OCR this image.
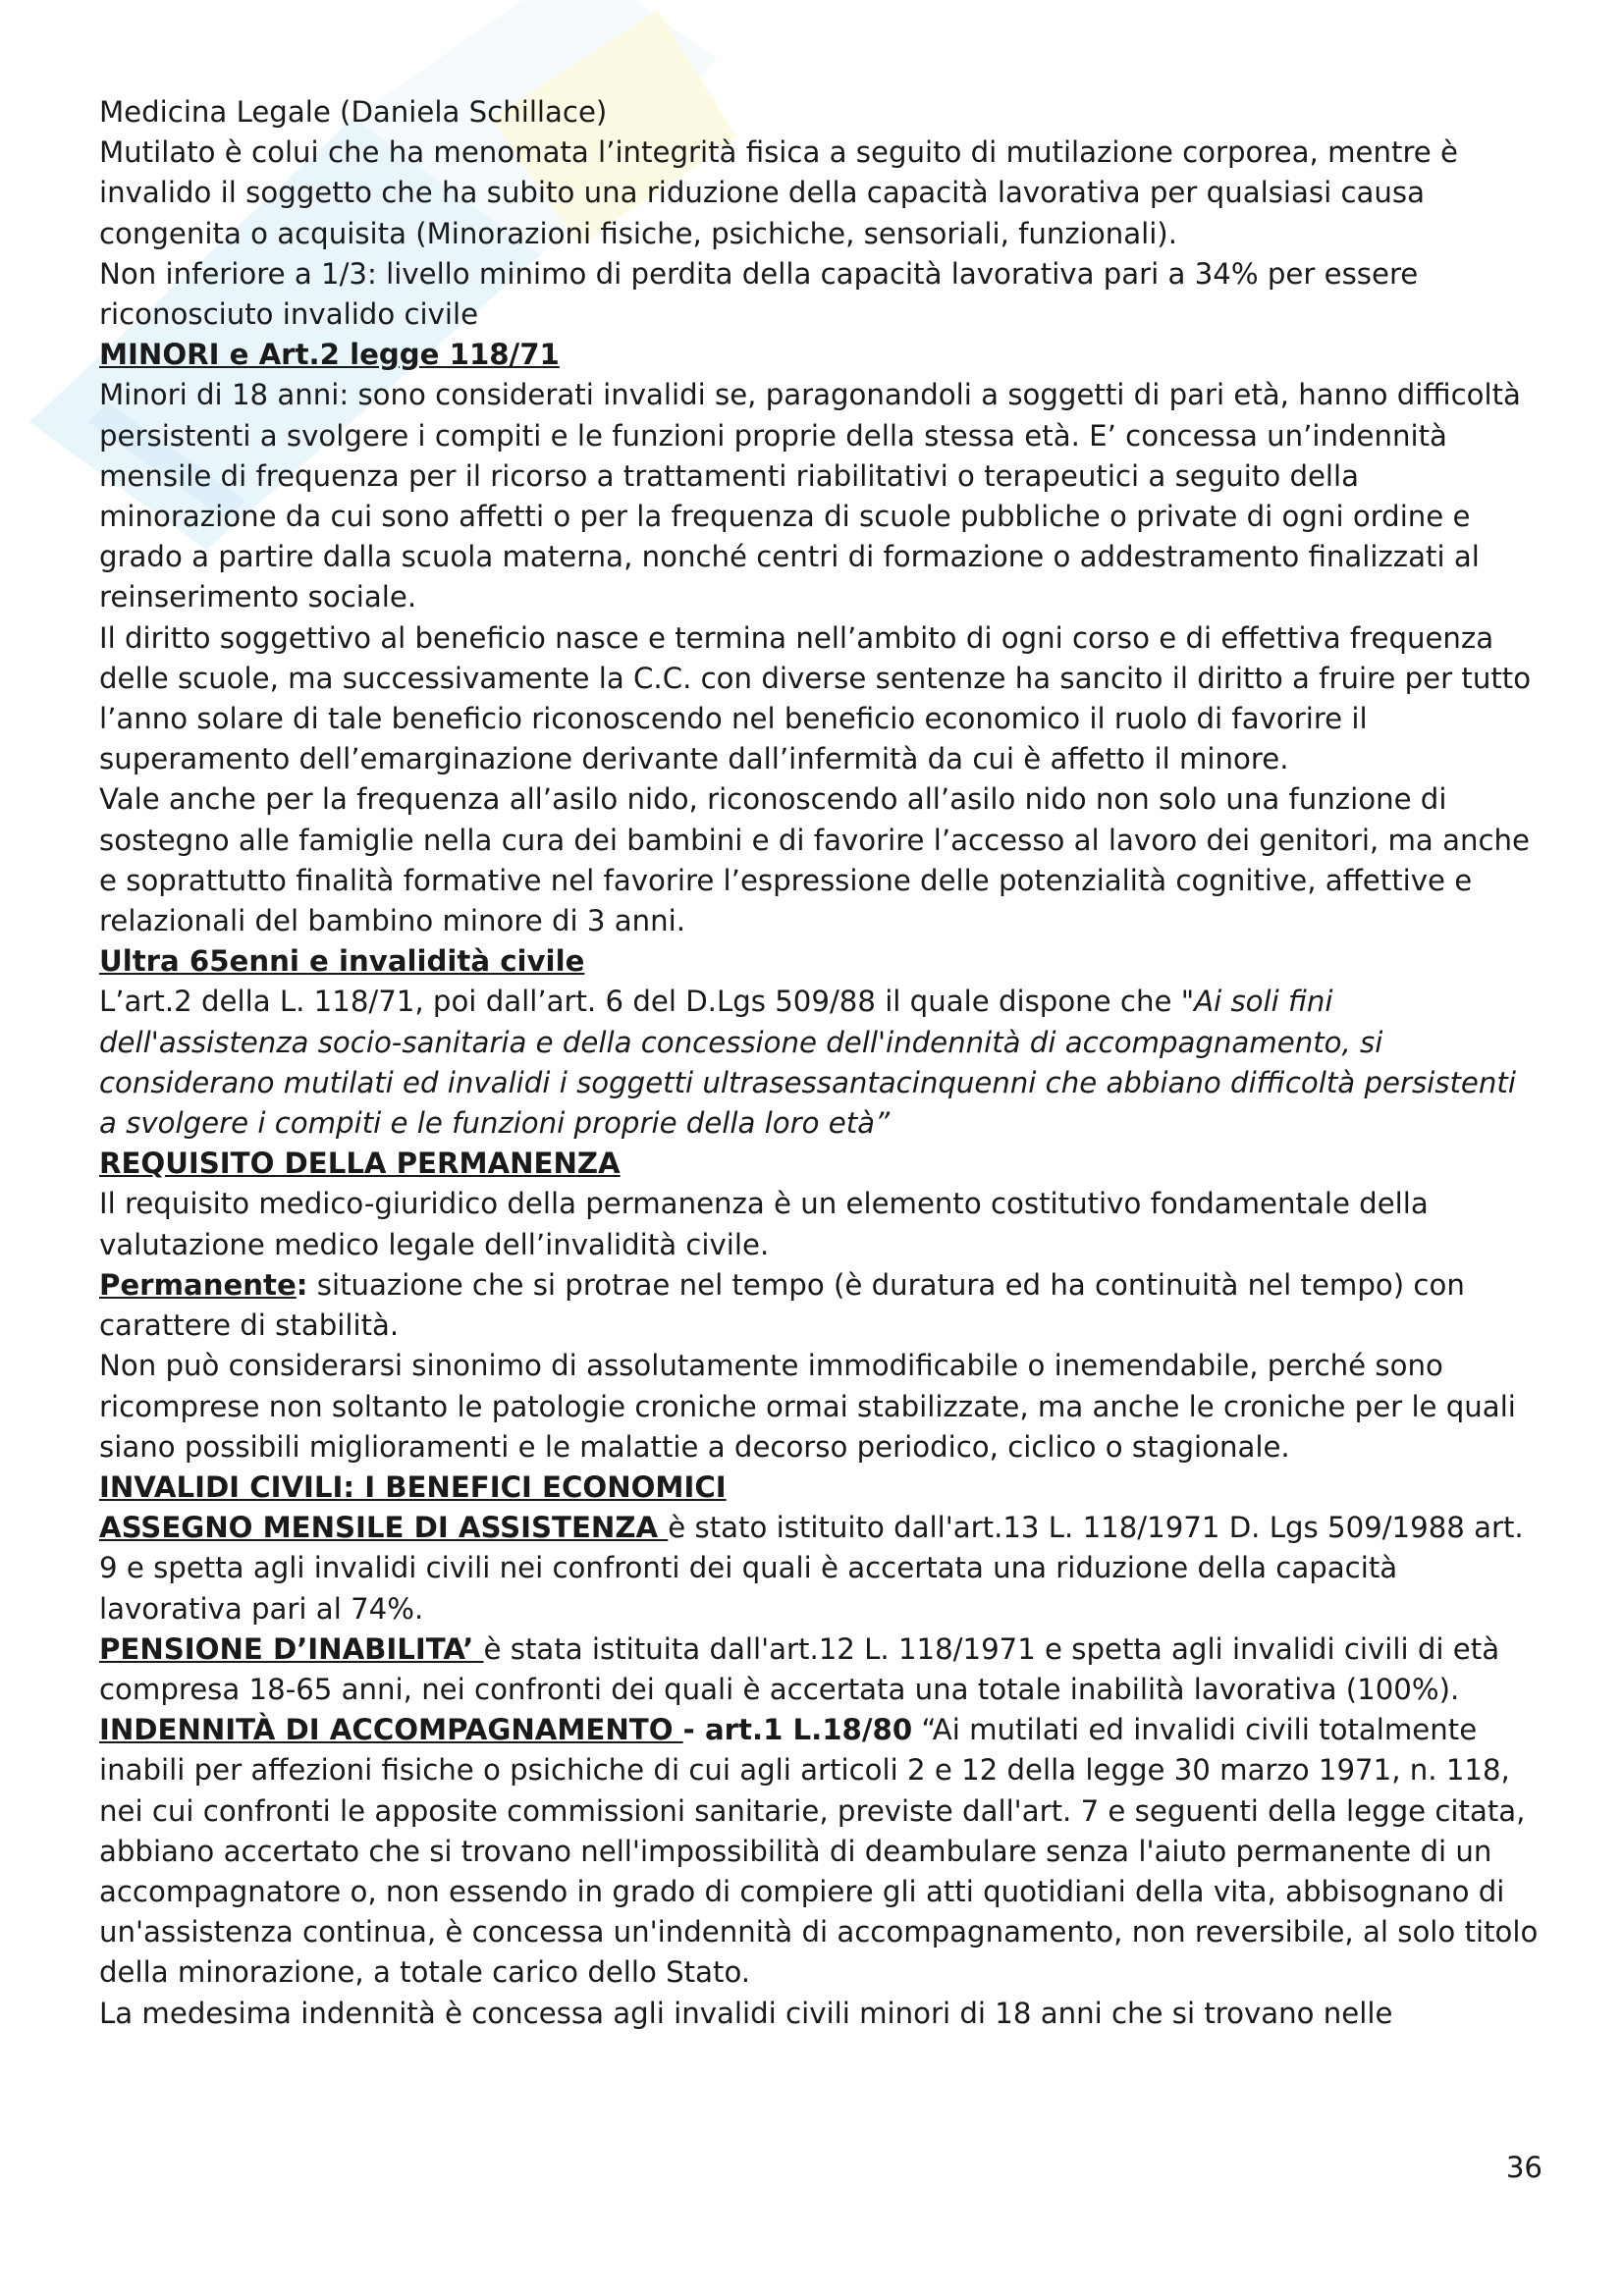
Medicina Legale (Daniela Schillace)

Mutilato è colui che ha menomata l’integrità fisica a seguito di mutilazione corporea, mentre è invalido il soggetto che ha subito una riduzione della capacità lavorativa per qualsiasi causa congenita o acquisita (Minorazioni fisiche, psichiche, sensoriali, funzionali).

Non inferiore a 1/3: livello minimo di perdita della capacità lavorativa pari a 34% per essere riconosciuto invalido civile

MINORI e Art.2 legge 118/71

Minori di 18 anni: sono considerati invalidi se, paragonandoli a soggetti di pari età, hanno difficoltà persistenti a svolgere i compiti e le funzioni proprie della stessa età. E’ concessa un’indennità mensile di frequenza per il ricorso a trattamenti riabilitativi o terapeutici a seguito della minorazione da cui sono affetti o per la frequenza di scuole pubbliche o private di ogni ordine e grado a partire dalla scuola materna, nonché centri di formazione o addestramento finalizzati al reinserimento sociale.

Il diritto soggettivo al beneficio nasce e termina nell’ambito di ogni corso e di effettiva frequenza delle scuole, ma successivamente la C.C. con diverse sentenze ha sancito il diritto a fruire per tutto l’anno solare di tale beneficio riconoscendo nel beneficio economico il ruolo di favorire il superamento dell’emarginazione derivante dall’infermità da cui è affetto il minore.

Vale anche per la frequenza all’asilo nido, riconoscendo all’asilo nido non solo una funzione di sostegno alle famiglie nella cura dei bambini e di favorire l’accesso al lavoro dei genitori, ma anche e soprattutto finalità formative nel favorire l’espressione delle potenzialità cognitive, affettive e relazionali del bambino minore di 3 anni.

Ultra 65enni e invalidità civile

L’art.2 della L. 118/71, poi dall’art. 6 del D.Lgs 509/88 il quale dispone che "Ai soli fini dell'assistenza socio-sanitaria e della concessione dell'indennità di accompagnamento, si considerano mutilati ed invalidi i soggetti ultrasessantacinquenni che abbiano difficoltà persistenti a svolgere i compiti e le funzioni proprie della loro età”

REQUISITO DELLA PERMANENZA

Il requisito medico-giuridico della permanenza è un elemento costitutivo fondamentale della valutazione medico legale dell’invalidità civile.

Permanente: situazione che si protrae nel tempo (è duratura ed ha continuità nel tempo) con carattere di stabilità.

Non può considerarsi sinonimo di assolutamente immodificabile o inemendabile, perché sono ricomprese non soltanto le patologie croniche ormai stabilizzate, ma anche le croniche per le quali siano possibili miglioramenti e le malattie a decorso periodico, ciclico o stagionale.

INVALIDI CIVILI: I BENEFICI ECONOMICI

ASSEGNO MENSILE DI ASSISTENZA è stato istituito dall'art.13 L. 118/1971 D. Lgs 509/1988 art. 9 e spetta agli invalidi civili nei confronti dei quali è accertata una riduzione della capacità lavorativa pari al 74%.

PENSIONE D’INABILITA’ è stata istituita dall'art.12 L. 118/1971 e spetta agli invalidi civili di età compresa 18-65 anni, nei confronti dei quali è accertata una totale inabilità lavorativa (100%).

INDENNITÀ DI ACCOMPAGNAMENTO - art.1 L.18/80 “Ai mutilati ed invalidi civili totalmente inabili per affezioni fisiche o psichiche di cui agli articoli 2 e 12 della legge 30 marzo 1971, n. 118, nei cui confronti le apposite commissioni sanitarie, previste dall'art. 7 e seguenti della legge citata, abbiano accertato che si trovano nell'impossibilità di deambulare senza l'aiuto permanente di un accompagnatore o, non essendo in grado di compiere gli atti quotidiani della vita, abbisognano di un'assistenza continua, è concessa un'indennità di accompagnamento, non reversibile, al solo titolo della minorazione, a totale carico dello Stato.

La medesima indennità è concessa agli invalidi civili minori di 18 anni che si trovano nelle

36
